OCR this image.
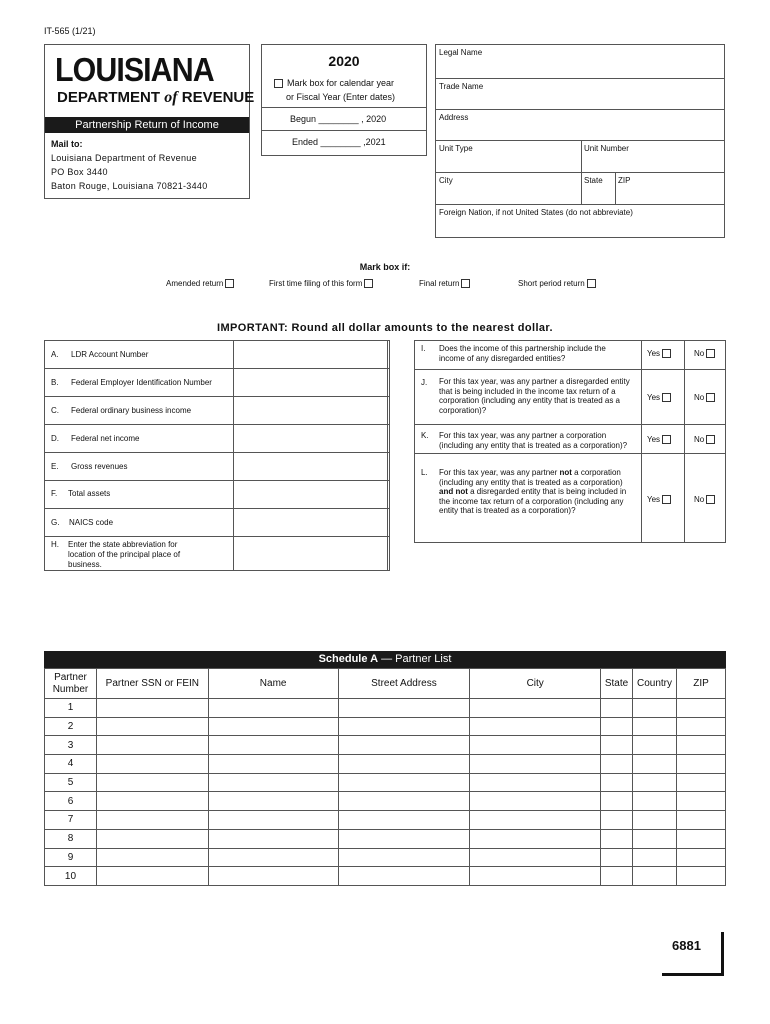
IT-565 (1/21)
LOUISIANA
DEPARTMENT of REVENUE
Partnership Return of Income
Mail to:
Louisiana Department of Revenue
PO Box 3440
Baton Rouge, Louisiana 70821-3440
2020
Mark box for calendar year
or Fiscal Year (Enter dates)
Begun ________ , 2020
Ended ________ ,2021
Legal Name
Trade Name
Address
Unit Type	Unit Number
City	State ZIP
Foreign Nation, if not United States (do not abbreviate)
Mark box if:
Amended return	First time filing of this form	Final return	Short period return
IMPORTANT: Round all dollar amounts to the nearest dollar.
A. LDR Account Number
B. Federal Employer Identification Number
C. Federal ordinary business income
D. Federal net income
E. Gross revenues
F. Total assets
G. NAICS code
H. Enter the state abbreviation for location of the principal place of business.
I. Does the income of this partnership include the income of any disregarded entities?	Yes	No
J. For this tax year, was any partner a disregarded entity that is being included in the income tax return of a corporation (including any entity that is treated as a corporation)?
Yes	No
K. For this tax year, was any partner a corporation (including any entity that is treated as a corporation)?
Yes	No
L. For this tax year, was any partner not a corporation (including any entity that is treated as a corporation) and not a disregarded entity that is being included in the income tax return of a corporation (including any entity that is treated as a corporation)?
Yes	No
Schedule A — Partner List
Partner
Number	Partner SSN or FEIN	Name	Street Address	City	State	Country	ZIP
1							
2							
3							
4							
5							
6							
7							
8							
9							
10							
6881
